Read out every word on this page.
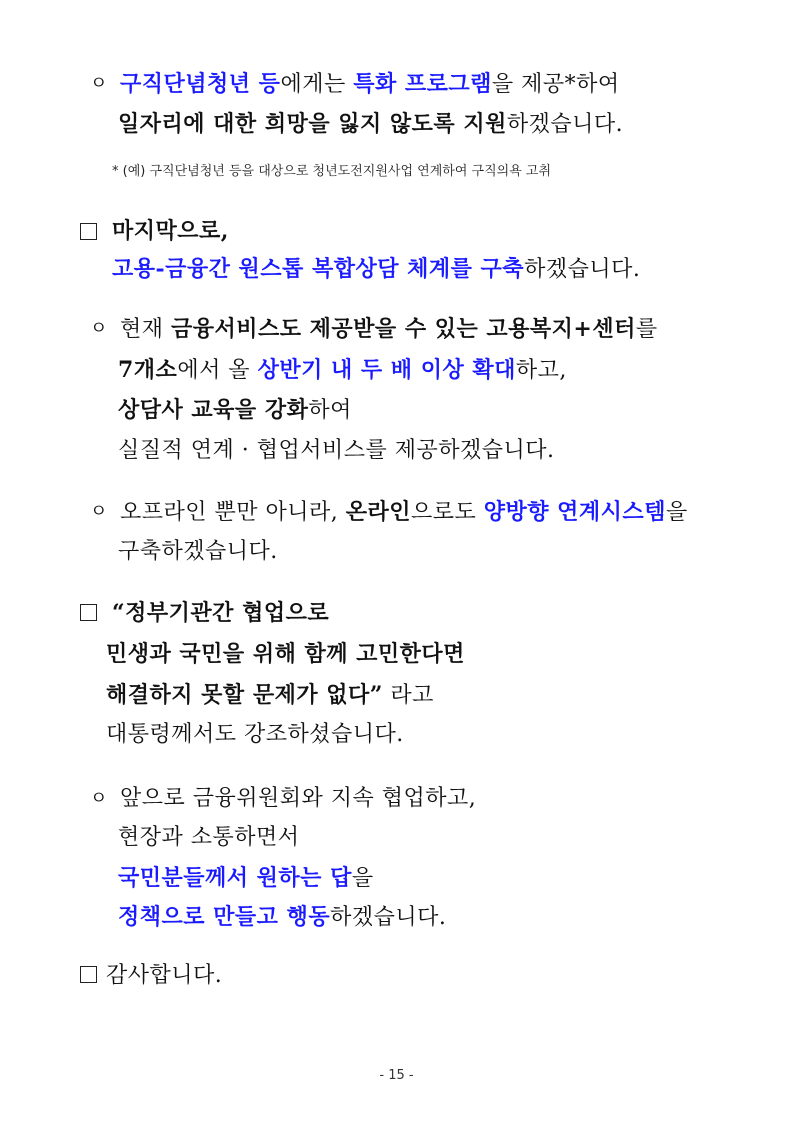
ㅇ
ㅇ
ㅇ
ㅇ
구직단념청년 등에게는 특화 프로그램을 제공*하여
일자리에 대한 희망을 잃지 않도록 지원하겠습니다.
* (예) 구직단념청년 등을 대상으로 청년도전지원사업 연계하여 구직의욕 고취
마지막으로,
고용-금융간 원스톱 복합상담 체계를 구축하겠습니다.
현재 금융서비스도 제공받을 수 있는 고용복지+센터를
7개소에서 올 상반기 내 두 배 이상 확대하고,
상담사 교육을 강화하여
실질적 연계 · 협업서비스를 제공하겠습니다.
오프라인 뿐만 아니라, 온라인으로도 양방향 연계시스템을
구축하겠습니다.
“정부기관간 협업으로
민생과 국민을 위해 함께 고민한다면
해결하지 못할 문제가 없다” 라고
대통령께서도 강조하셨습니다.
앞으로 금융위원회와 지속 협업하고,
현장과 소통하면서
국민분들께서 원하는 답을
정책으로 만들고 행동하겠습니다.
감사합니다.
- 15 -
